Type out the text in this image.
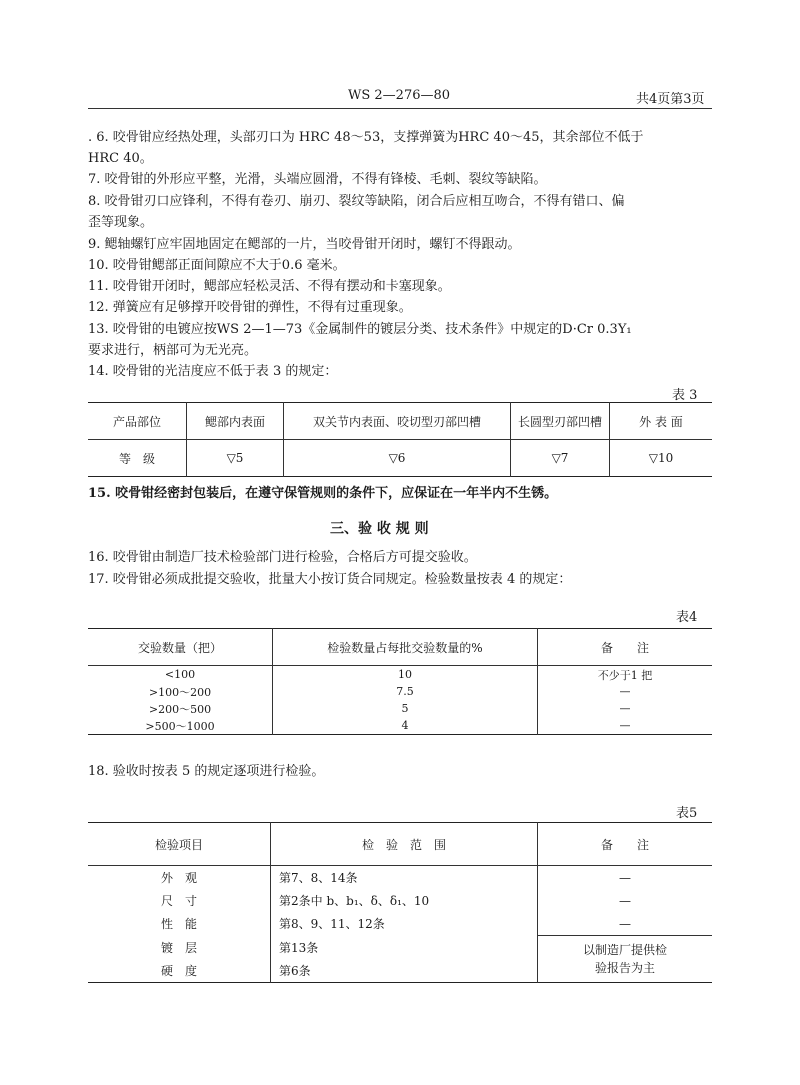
WS 2—276—80	共4页第3页
. 6. 咬骨钳应经热处理，头部刃口为 HRC 48～53，支撑弹簧为HRC 40～45，其余部位不低于
HRC 40。
7. 咬骨钳的外形应平整，光滑，头端应圆滑，不得有锋棱、毛刺、裂纹等缺陷。
8. 咬骨钳刃口应锋利，不得有卷刃、崩刃、裂纹等缺陷，闭合后应相互吻合，不得有错口、偏
歪等现象。
9. 鳃轴螺钉应牢固地固定在鳃部的一片，当咬骨钳开闭时，螺钉不得跟动。
10. 咬骨钳鳃部正面间隙应不大于0.6 毫米。
11. 咬骨钳开闭时，鳃部应轻松灵活、不得有摆动和卡塞现象。
12. 弹簧应有足够撑开咬骨钳的弹性，不得有过重现象。
13. 咬骨钳的电镀应按WS 2—1—73《金属制件的镀层分类、技术条件》中规定的D·Cr 0.3Y₁
要求进行，柄部可为无光亮。
14. 咬骨钳的光洁度应不低于表 3 的规定：
表 3
产品部位	鳃部内表面	双关节内表面、咬切型刃部凹槽	长圆型刃部凹槽	外 表 面
等　级	▽5	▽6	▽7	▽10
15. 咬骨钳经密封包装后，在遵守保管规则的条件下，应保证在一年半内不生锈。
三、验 收 规 则
16. 咬骨钳由制造厂技术检验部门进行检验，合格后方可提交验收。
17. 咬骨钳必须成批提交验收，批量大小按订货合同规定。检验数量按表 4 的规定：
表4
交验数量（把）	检验数量占每批交验数量的%	备　　注
<100	10	不少于1 把
>100～200	7.5	—
>200～500	5	—
>500～1000	4	—
18. 验收时按表 5 的规定逐项进行检验。
表5
检验项目	检　验　范　围	备　　注
外　观	第7、8、14条	—
尺　寸	第2条中 b、b₁、δ、δ₁、10	—
性　能	第8、9、11、12条	—
镀　层	第13条	以制造厂提供检验报告为主
硬　度	第6条	
